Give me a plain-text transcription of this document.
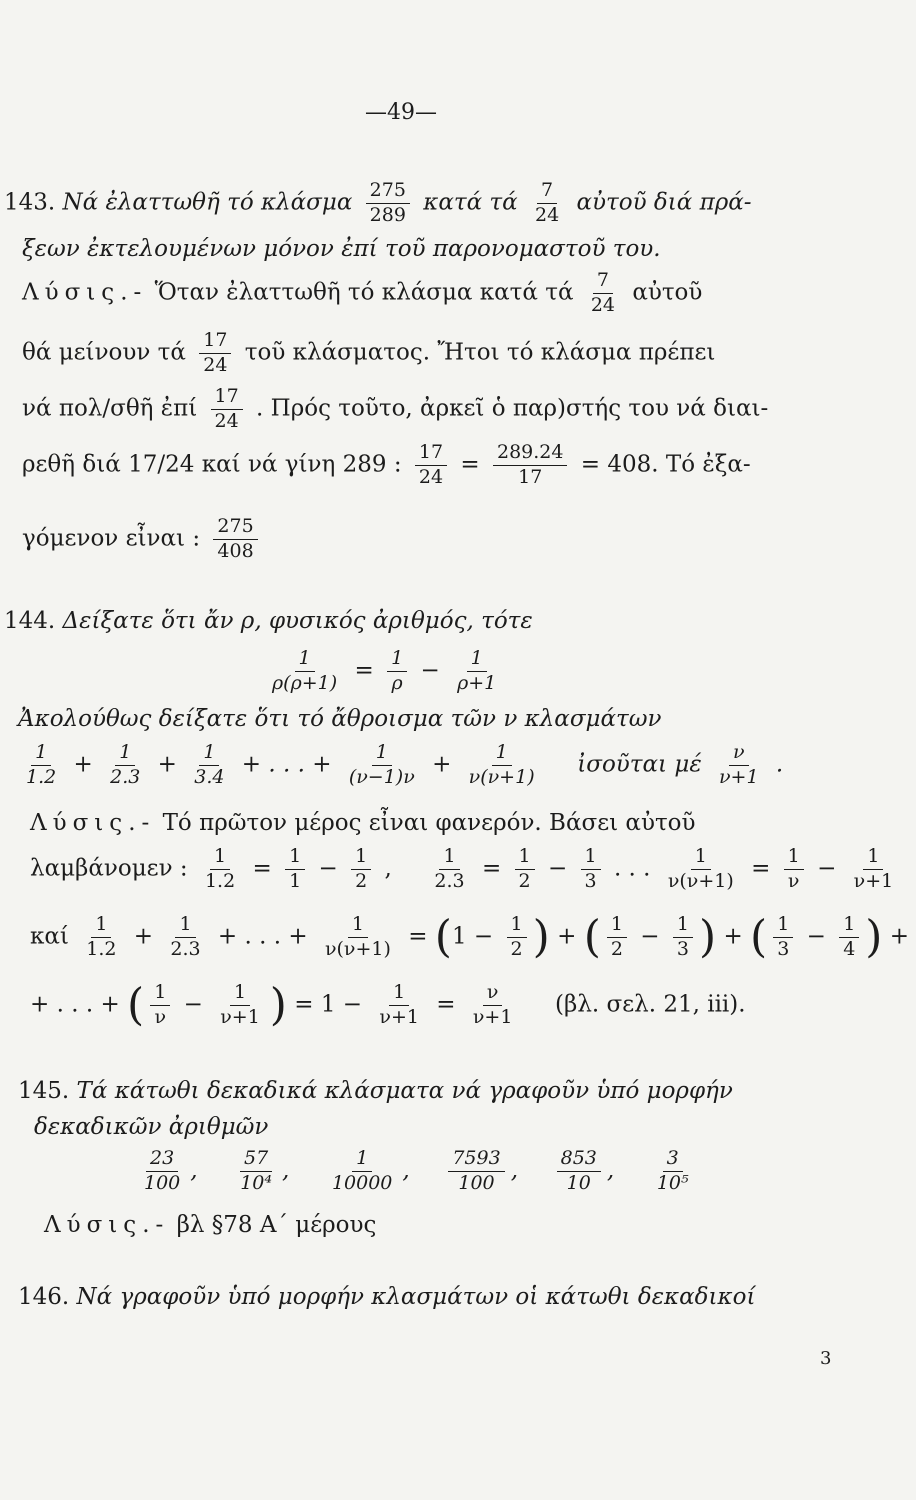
—49—
143. Νά ἐλαττωθῆ τό κλάσμα $\frac{275}{289}$ κατά τά $\frac{7}{24}$ αὐτοῦ διά πρά-
ξεων ἐκτελουμένων μόνον ἐπί τοῦ παρονομαστοῦ του.
Λύσις.- Ὅταν ἐλαττωθῆ τό κλάσμα κατά τά $\frac{7}{24}$ αὐτοῦ
θά μείνουν τά $\frac{17}{24}$ τοῦ κλάσματος. Ἤτοι τό κλάσμα πρέπει
νά πολ/σθῆ ἐπί $\frac{17}{24}$ . Πρός τοῦτο, ἀρκεῖ ὁ παρ)στής του νά διαι-
ρεθῆ διά 17/24 καί νά γίνη 289 : $\frac{17}{24} = \frac{289.24}{17} = 408$. Τό ἐξα-
γόμενον εἶναι : $\frac{275}{408}$
144. Δείξατε ὅτι ἄν ρ, φυσικός ἀριθμός, τότε
$\frac{1}{\rho(\rho+1)} = \frac{1}{\rho} - \frac{1}{\rho+1}$
Ἀκολούθως δείξατε ὅτι τό ἄθροισμα τῶν ν κλασμάτων
$\frac{1}{1.2} + \frac{1}{2.3} + \frac{1}{3.4}$ + . . . + $\frac{1}{(\nu-1)\nu} + \frac{1}{\nu(\nu+1)}$ ἰσοῦται μέ $\frac{\nu}{\nu+1}$ .
Λύσις.- Τό πρῶτον μέρος εἶναι φανερόν. Βάσει αὐτοῦ
λαμβάνομεν : $\frac{1}{1.2} = \frac{1}{1} - \frac{1}{2}$ , $\frac{1}{2.3} = \frac{1}{2} - \frac{1}{3}$ . . . $\frac{1}{\nu(\nu+1)} = \frac{1}{\nu} - \frac{1}{\nu+1}$
καί $\frac{1}{1.2} + \frac{1}{2.3}$ + . . . + $\frac{1}{\nu(\nu+1)} = (1 - \frac{1}{2}$ ) + ( $\frac{1}{2} - \frac{1}{3}$ ) + ( $\frac{1}{3} - \frac{1}{4}$ ) +
+ . . . + ( $\frac{1}{\nu} - \frac{1}{\nu+1}$ ) = $1 - \frac{1}{\nu+1} = \frac{\nu}{\nu+1} (\beta\lambda$. σελ. 21, iii).
145. Τά κάτωθι δεκαδικά κλάσματα νά γραφοῦν ὑπό μορφήν
δεκαδικῶν ἀριθμῶν
$\frac{23}{100}$ , $\frac{57}{\text{10⁴}}$ , $\frac{1}{10000}$ , $\frac{7593}{100}$ , $\frac{853}{10}$ , $\frac{3}{\text{10⁵}}$
Λύσις.- βλ §78 Α΄ μέρους
146. Νά γραφοῦν ὑπό μορφήν κλασμάτων οἱ κάτωθι δεκαδικοί
3
